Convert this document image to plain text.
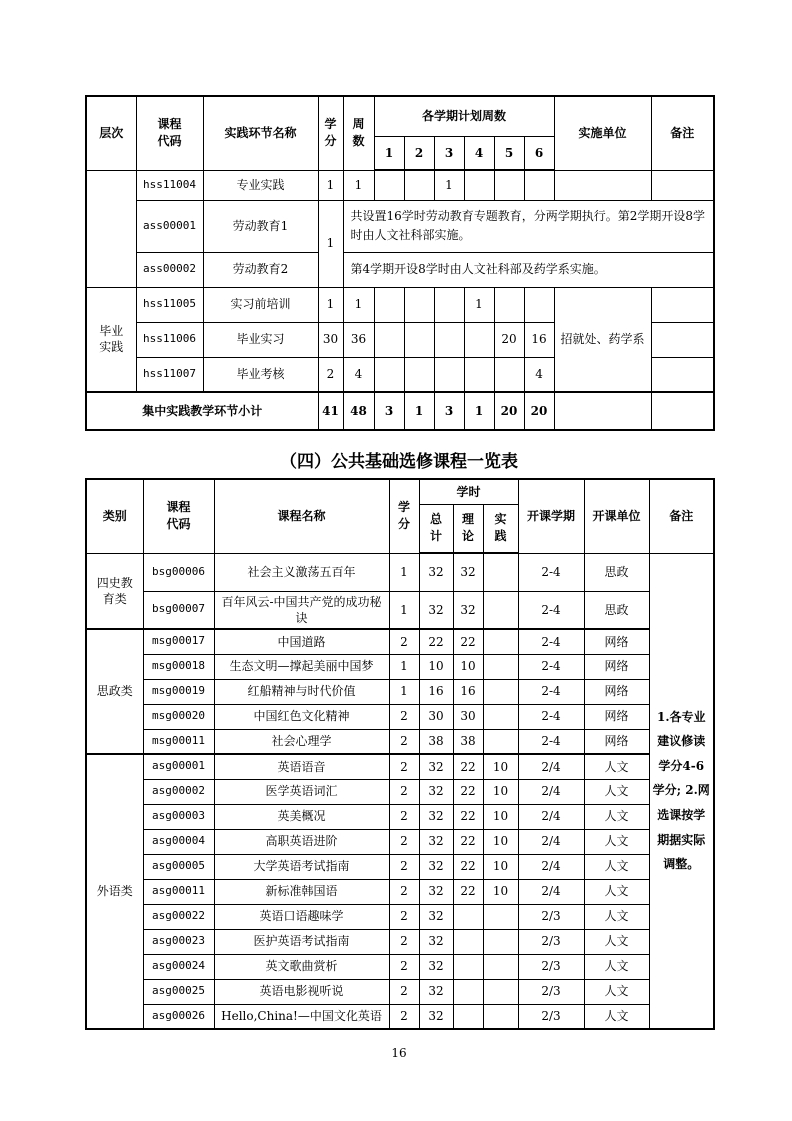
层次	课程代码	实践环节名称	学分	周数	各学期计划周数						实施单位	备注
					1	2	3	4	5	6		
	hss11004	专业实践	1	1			1					
	ass00001	劳动教育1	1	共设置16学时劳动教育专题教育，分两学期执行。第2学期开设8学时由人文社科部实施。								
	ass00002	劳动教育2		第4学期开设8学时由人文社科部及药学系实施。								
毕业实践	hss11005	实习前培训	1	1				1			招就处、药学系	
	hss11006	毕业实习	30	36					20	16		
	hss11007	毕业考核	2	4						4		
集中实践教学环节小计			41	48	3	1	3	1	20	20		
（四）公共基础选修课程一览表
类别	课程代码	课程名称	学分	学时			开课学期	开课单位	备注
				总计	理论	实践			
四史教育类	bsg00006	社会主义激荡五百年	1	32	32		2-4	思政	1.各专业建议修读学分4-6学分; 2.网选课按学期据实际调整。
	bsg00007	百年风云-中国共产党的成功秘诀	1	32	32		2-4	思政	
思政类	msg00017	中国道路	2	22	22		2-4	网络	
	msg00018	生态文明—撑起美丽中国梦	1	10	10		2-4	网络	
	msg00019	红船精神与时代价值	1	16	16		2-4	网络	
	msg00020	中国红色文化精神	2	30	30		2-4	网络	
	msg00011	社会心理学	2	38	38		2-4	网络	
外语类	asg00001	英语语音	2	32	22	10	2/4	人文	
	asg00002	医学英语词汇	2	32	22	10	2/4	人文	
	asg00003	英美概况	2	32	22	10	2/4	人文	
	asg00004	高职英语进阶	2	32	22	10	2/4	人文	
	asg00005	大学英语考试指南	2	32	22	10	2/4	人文	
	asg00011	新标准韩国语	2	32	22	10	2/4	人文	
	asg00022	英语口语趣味学	2	32			2/3	人文	
	asg00023	医护英语考试指南	2	32			2/3	人文	
	asg00024	英文歌曲赏析	2	32			2/3	人文	
	asg00025	英语电影视听说	2	32			2/3	人文	
	asg00026	Hello,China!—中国文化英语	2	32			2/3	人文	
16
